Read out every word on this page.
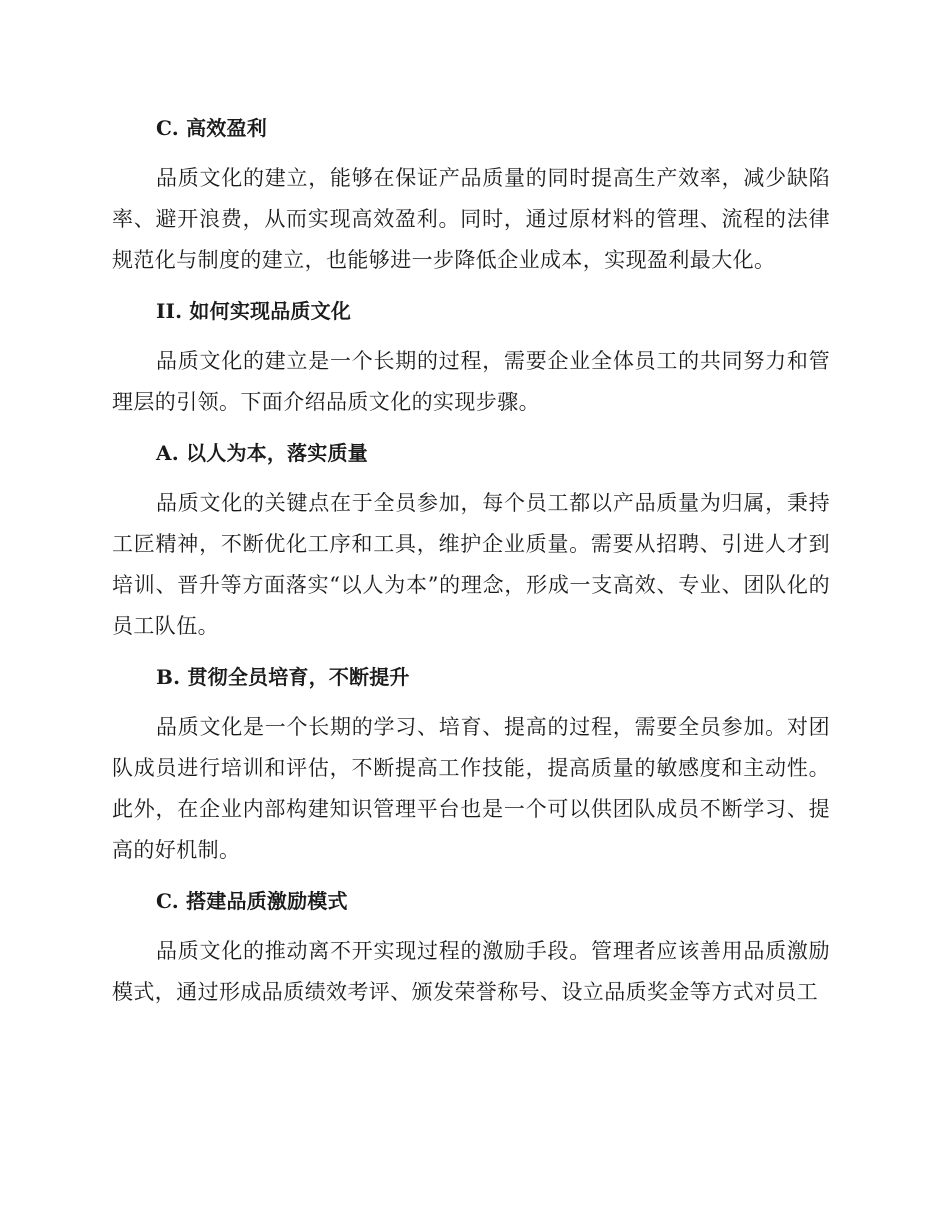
C. 高效盈利

品质文化的建立，能够在保证产品质量的同时提高生产效率，减少缺陷率、避开浪费，从而实现高效盈利。同时，通过原材料的管理、流程的法律规范化与制度的建立，也能够进一步降低企业成本，实现盈利最大化。

II. 如何实现品质文化

品质文化的建立是一个长期的过程，需要企业全体员工的共同努力和管理层的引领。下面介绍品质文化的实现步骤。

A. 以人为本，落实质量

品质文化的关键点在于全员参加，每个员工都以产品质量为归属，秉持工匠精神，不断优化工序和工具，维护企业质量。需要从招聘、引进人才到培训、晋升等方面落实“以人为本”的理念，形成一支高效、专业、团队化的员工队伍。

B. 贯彻全员培育，不断提升

品质文化是一个长期的学习、培育、提高的过程，需要全员参加。对团队成员进行培训和评估，不断提高工作技能，提高质量的敏感度和主动性。此外，在企业内部构建知识管理平台也是一个可以供团队成员不断学习、提高的好机制。

C. 搭建品质激励模式

品质文化的推动离不开实现过程的激励手段。管理者应该善用品质激励模式，通过形成品质绩效考评、颁发荣誉称号、设立品质奖金等方式对员工
